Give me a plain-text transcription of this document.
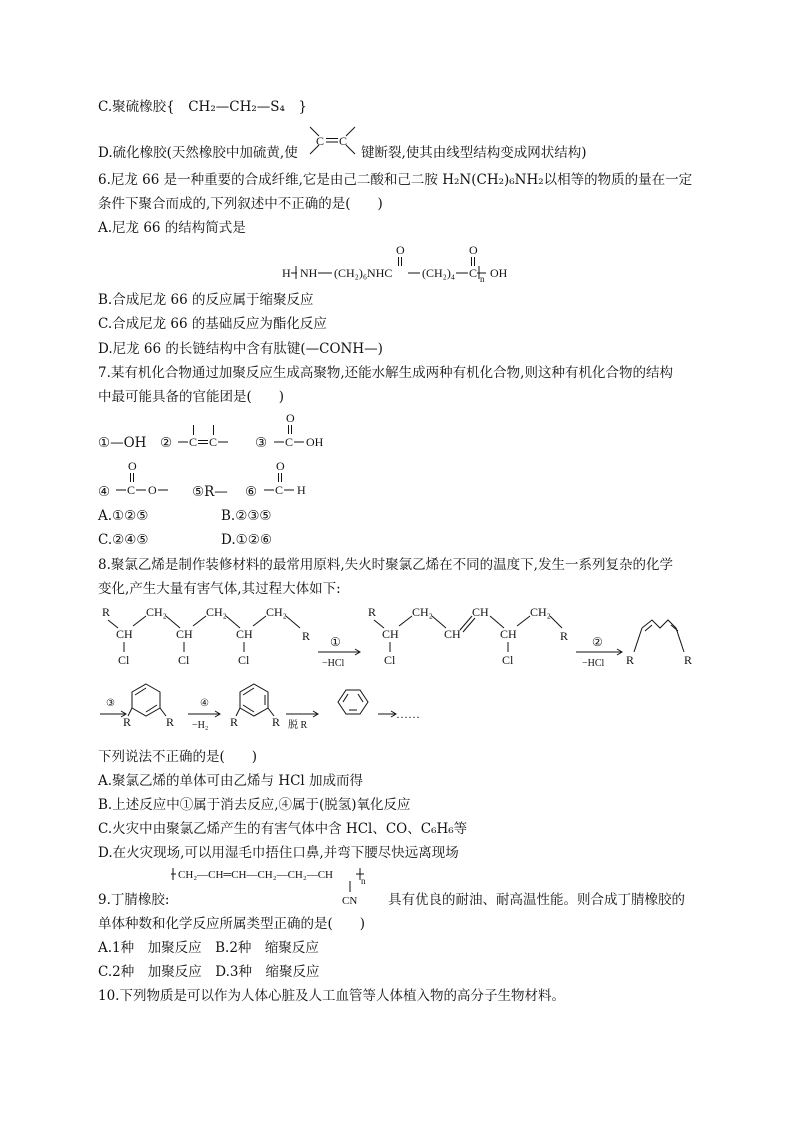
C.聚硫橡胶{　CH₂—CH₂—S₄　}
D.硫化橡胶(天然橡胶中加硫黄,使
C C
键断裂,使其由线型结构变成网状结构)
6.尼龙 66 是一种重要的合成纤维,它是由己二酸和己二胺 H₂N(CH₂)₆NH₂以相等的物质的量在一定
条件下聚合而成的,下列叙述中不正确的是(　　)
A.尼龙 66 的结构简式是
H NH (CH₂)₆NHC
O
(CH₂)₄
O
C n OH
B.合成尼龙 66 的反应属于缩聚反应
C.合成尼龙 66 的基础反应为酯化反应
D.尼龙 66 的长链结构中含有肽键(—CONH—)
7.某有机化合物通过加聚反应生成高聚物,还能水解生成两种有机化合物,则这种有机化合物的结构
中最可能具备的官能团是(　　)
①—OH ② C C	③
O
C OH
④
O
C O	⑤R— ⑥
O
C H
A.①②⑤	B.②③⑤
C.②④⑤	D.①②⑥
8.聚氯乙烯是制作装修材料的最常用原料,失火时聚氯乙烯在不同的温度下,发生一系列复杂的化学
变化,产生大量有害气体,其过程大体如下:
R
CH
Cl
CH₂
CH
Cl
CH₂
CH
Cl
CH₂
R ①
−HCl
R
CH
Cl
CH₂
CH
CH
CH
Cl
CH₂
R ②
−HCl R	R
③
R	R
④
−H₂ R	R 脱 R
……
下列说法不正确的是(　　)
A.聚氯乙烯的单体可由乙烯与 HCl 加成而得
B.上述反应中①属于消去反应,④属于(脱氢)氧化反应
C.火灾中由聚氯乙烯产生的有害气体中含 HCl、CO、C₆H₆等
D.在火灾现场,可以用湿毛巾捂住口鼻,并弯下腰尽快远离现场
CH₂—CH═CH—CH₂—CH₂—CH	n
CN
9.丁腈橡胶:	具有优良的耐油、耐高温性能。则合成丁腈橡胶的
单体种数和化学反应所属类型正确的是(　　)
A.1种　加聚反应　B.2种　缩聚反应
C.2种　加聚反应　D.3种　缩聚反应
10.下列物质是可以作为人体心脏及人工血管等人体植入物的高分子生物材料。
